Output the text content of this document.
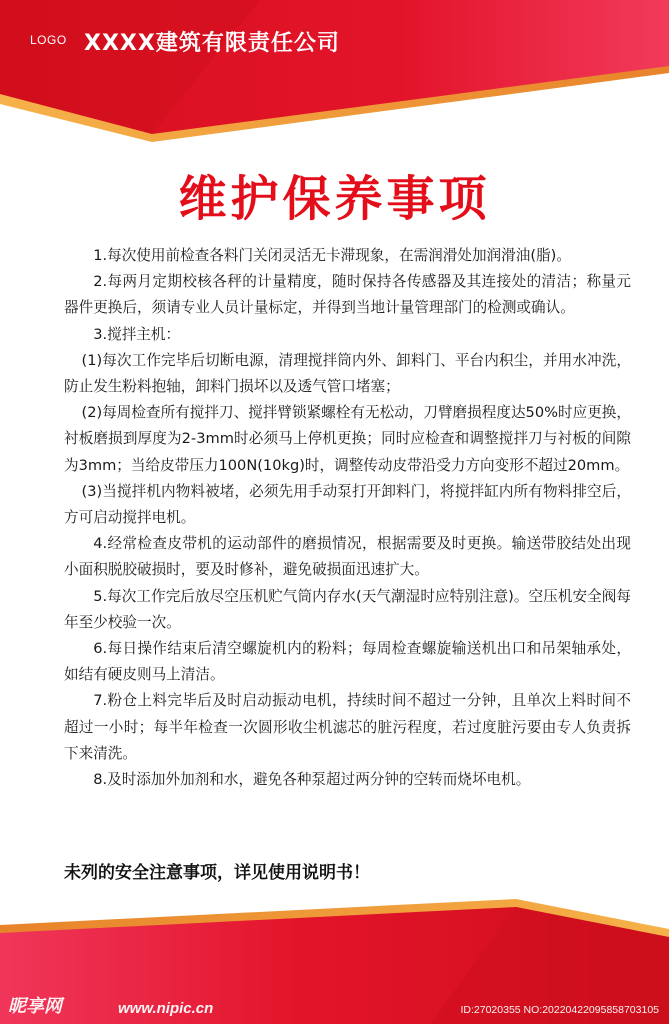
LOGO XXXX建筑有限责任公司
维护保养事项

1.每次使用前检查各料门关闭灵活无卡滞现象，在需润滑处加润滑油(脂)。

2.每两月定期校核各秤的计量精度，随时保持各传感器及其连接处的清洁；称量元器件更换后，须请专业人员计量标定，并得到当地计量管理部门的检测或确认。

3.搅拌主机：

(1)每次工作完毕后切断电源，清理搅拌筒内外、卸料门、平台内积尘，并用水冲洗，防止发生粉料抱轴，卸料门损坏以及透气管口堵塞；

(2)每周检查所有搅拌刀、搅拌臂锁紧螺栓有无松动，刀臂磨损程度达50%时应更换，衬板磨损到厚度为2-3mm时必须马上停机更换；同时应检查和调整搅拌刀与衬板的间隙为3mm；当给皮带压力100N(10kg)时，调整传动皮带沿受力方向变形不超过20mm。

(3)当搅拌机内物料被堵，必须先用手动泵打开卸料门，将搅拌缸内所有物料排空后，方可启动搅拌电机。

4.经常检查皮带机的运动部件的磨损情况，根据需要及时更换。输送带胶结处出现小面积脱胶破损时，要及时修补，避免破损面迅速扩大。

5.每次工作完后放尽空压机贮气筒内存水(天气潮湿时应特别注意)。空压机安全阀每年至少校验一次。

6.每日操作结束后清空螺旋机内的粉料；每周检查螺旋输送机出口和吊架轴承处，如结有硬皮则马上清洁。

7.粉仓上料完毕后及时启动振动电机，持续时间不超过一分钟，且单次上料时间不超过一小时；每半年检查一次圆形收尘机滤芯的脏污程度，若过度脏污要由专人负责拆下来清洗。

8.及时添加外加剂和水，避免各种泵超过两分钟的空转而烧坏电机。

未列的安全注意事项，详见使用说明书！
昵享网	www.nipic.cn	ID:27020355 NO:20220422095858703105
